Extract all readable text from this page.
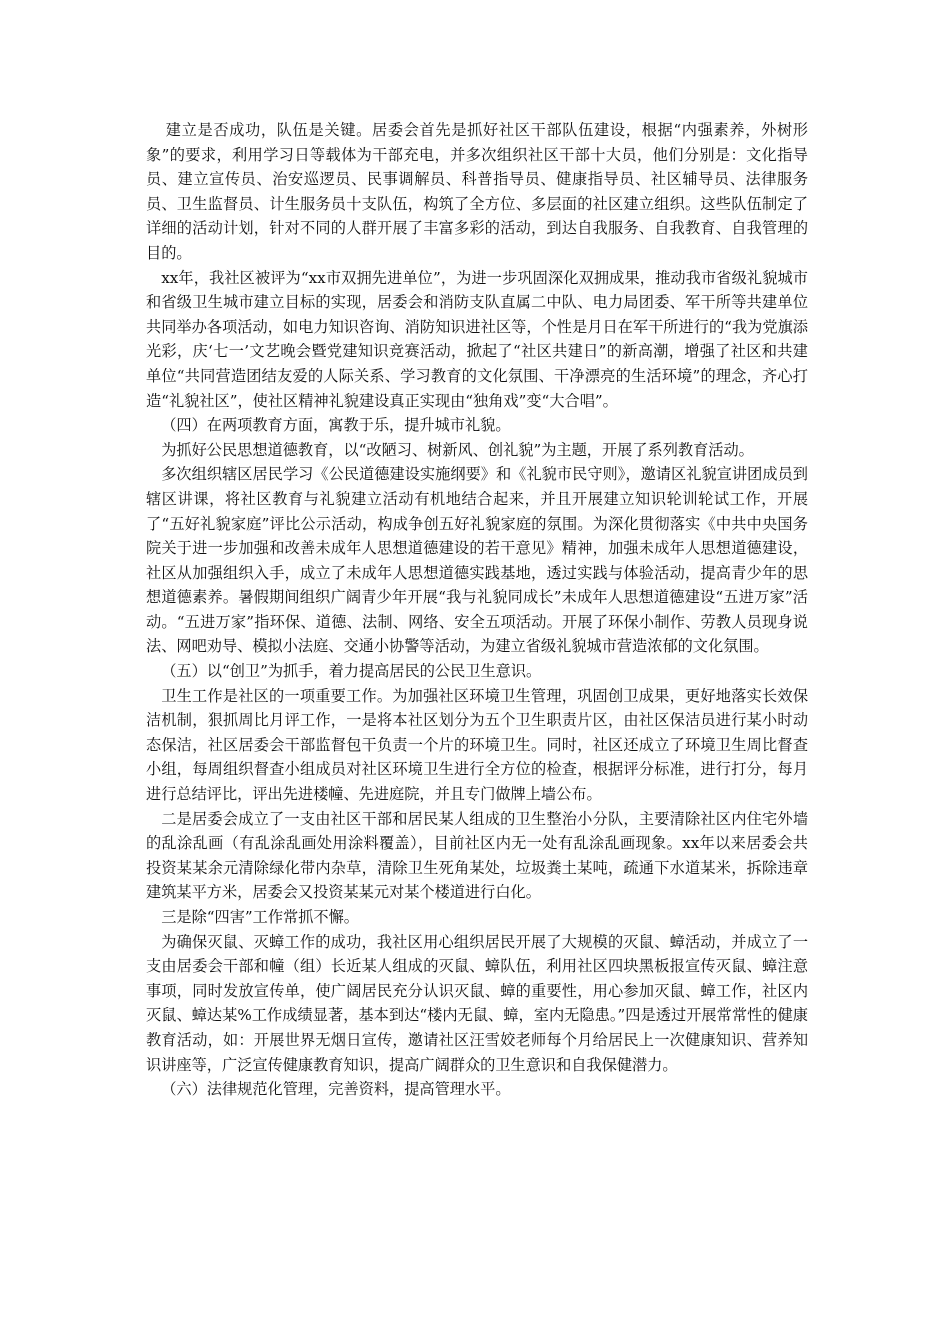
建立是否成功，队伍是关键。居委会首先是抓好社区干部队伍建设，根据“内强素养，外树形象”的要求，利用学习日等载体为干部充电，并多次组织社区干部十大员，他们分别是：文化指导员、建立宣传员、治安巡逻员、民事调解员、科普指导员、健康指导员、社区辅导员、法律服务员、卫生监督员、计生服务员十支队伍，构筑了全方位、多层面的社区建立组织。这些队伍制定了详细的活动计划，针对不同的人群开展了丰富多彩的活动，到达自我服务、自我教育、自我管理的目的。

xx年，我社区被评为“xx市双拥先进单位”，为进一步巩固深化双拥成果，推动我市省级礼貌城市和省级卫生城市建立目标的实现，居委会和消防支队直属二中队、电力局团委、军干所等共建单位共同举办各项活动，如电力知识咨询、消防知识进社区等，个性是月日在军干所进行的“我为党旗添光彩，庆‘七一’文艺晚会暨党建知识竞赛活动，掀起了“社区共建日”的新高潮，增强了社区和共建单位“共同营造团结友爱的人际关系、学习教育的文化氛围、干净漂亮的生活环境”的理念，齐心打造“礼貌社区”，使社区精神礼貌建设真正实现由“独角戏”变“大合唱”。

（四）在两项教育方面，寓教于乐，提升城市礼貌。

为抓好公民思想道德教育，以“改陋习、树新风、创礼貌”为主题，开展了系列教育活动。

多次组织辖区居民学习《公民道德建设实施纲要》和《礼貌市民守则》，邀请区礼貌宣讲团成员到辖区讲课，将社区教育与礼貌建立活动有机地结合起来，并且开展建立知识轮训轮试工作，开展了“五好礼貌家庭”评比公示活动，构成争创五好礼貌家庭的氛围。为深化贯彻落实《中共中央国务院关于进一步加强和改善未成年人思想道德建设的若干意见》精神，加强未成年人思想道德建设，社区从加强组织入手，成立了未成年人思想道德实践基地，透过实践与体验活动，提高青少年的思想道德素养。暑假期间组织广阔青少年开展“我与礼貌同成长”未成年人思想道德建设“五进万家”活动。“五进万家”指环保、道德、法制、网络、安全五项活动。开展了环保小制作、劳教人员现身说法、网吧劝导、模拟小法庭、交通小协警等活动，为建立省级礼貌城市营造浓郁的文化氛围。

（五）以“创卫”为抓手，着力提高居民的公民卫生意识。

卫生工作是社区的一项重要工作。为加强社区环境卫生管理，巩固创卫成果，更好地落实长效保洁机制，狠抓周比月评工作，一是将本社区划分为五个卫生职责片区，由社区保洁员进行某小时动态保洁，社区居委会干部监督包干负责一个片的环境卫生。同时，社区还成立了环境卫生周比督查小组，每周组织督查小组成员对社区环境卫生进行全方位的检查，根据评分标准，进行打分，每月进行总结评比，评出先进楼幢、先进庭院，并且专门做牌上墙公布。

二是居委会成立了一支由社区干部和居民某人组成的卫生整治小分队，主要清除社区内住宅外墙的乱涂乱画（有乱涂乱画处用涂料覆盖），目前社区内无一处有乱涂乱画现象。xx年以来居委会共投资某某余元清除绿化带内杂草，清除卫生死角某处，垃圾粪土某吨，疏通下水道某米，拆除违章建筑某平方米，居委会又投资某某元对某个楼道进行白化。

三是除“四害”工作常抓不懈。

为确保灭鼠、灭蟑工作的成功，我社区用心组织居民开展了大规模的灭鼠、蟑活动，并成立了一支由居委会干部和幢（组）长近某人组成的灭鼠、蟑队伍，利用社区四块黑板报宣传灭鼠、蟑注意事项，同时发放宣传单，使广阔居民充分认识灭鼠、蟑的重要性，用心参加灭鼠、蟑工作，社区内灭鼠、蟑达某%工作成绩显著，基本到达“楼内无鼠、蟑，室内无隐患。”四是透过开展常常性的健康教育活动，如：开展世界无烟日宣传，邀请社区汪雪姣老师每个月给居民上一次健康知识、营养知识讲座等，广泛宣传健康教育知识，提高广阔群众的卫生意识和自我保健潜力。

（六）法律规范化管理，完善资料，提高管理水平。
